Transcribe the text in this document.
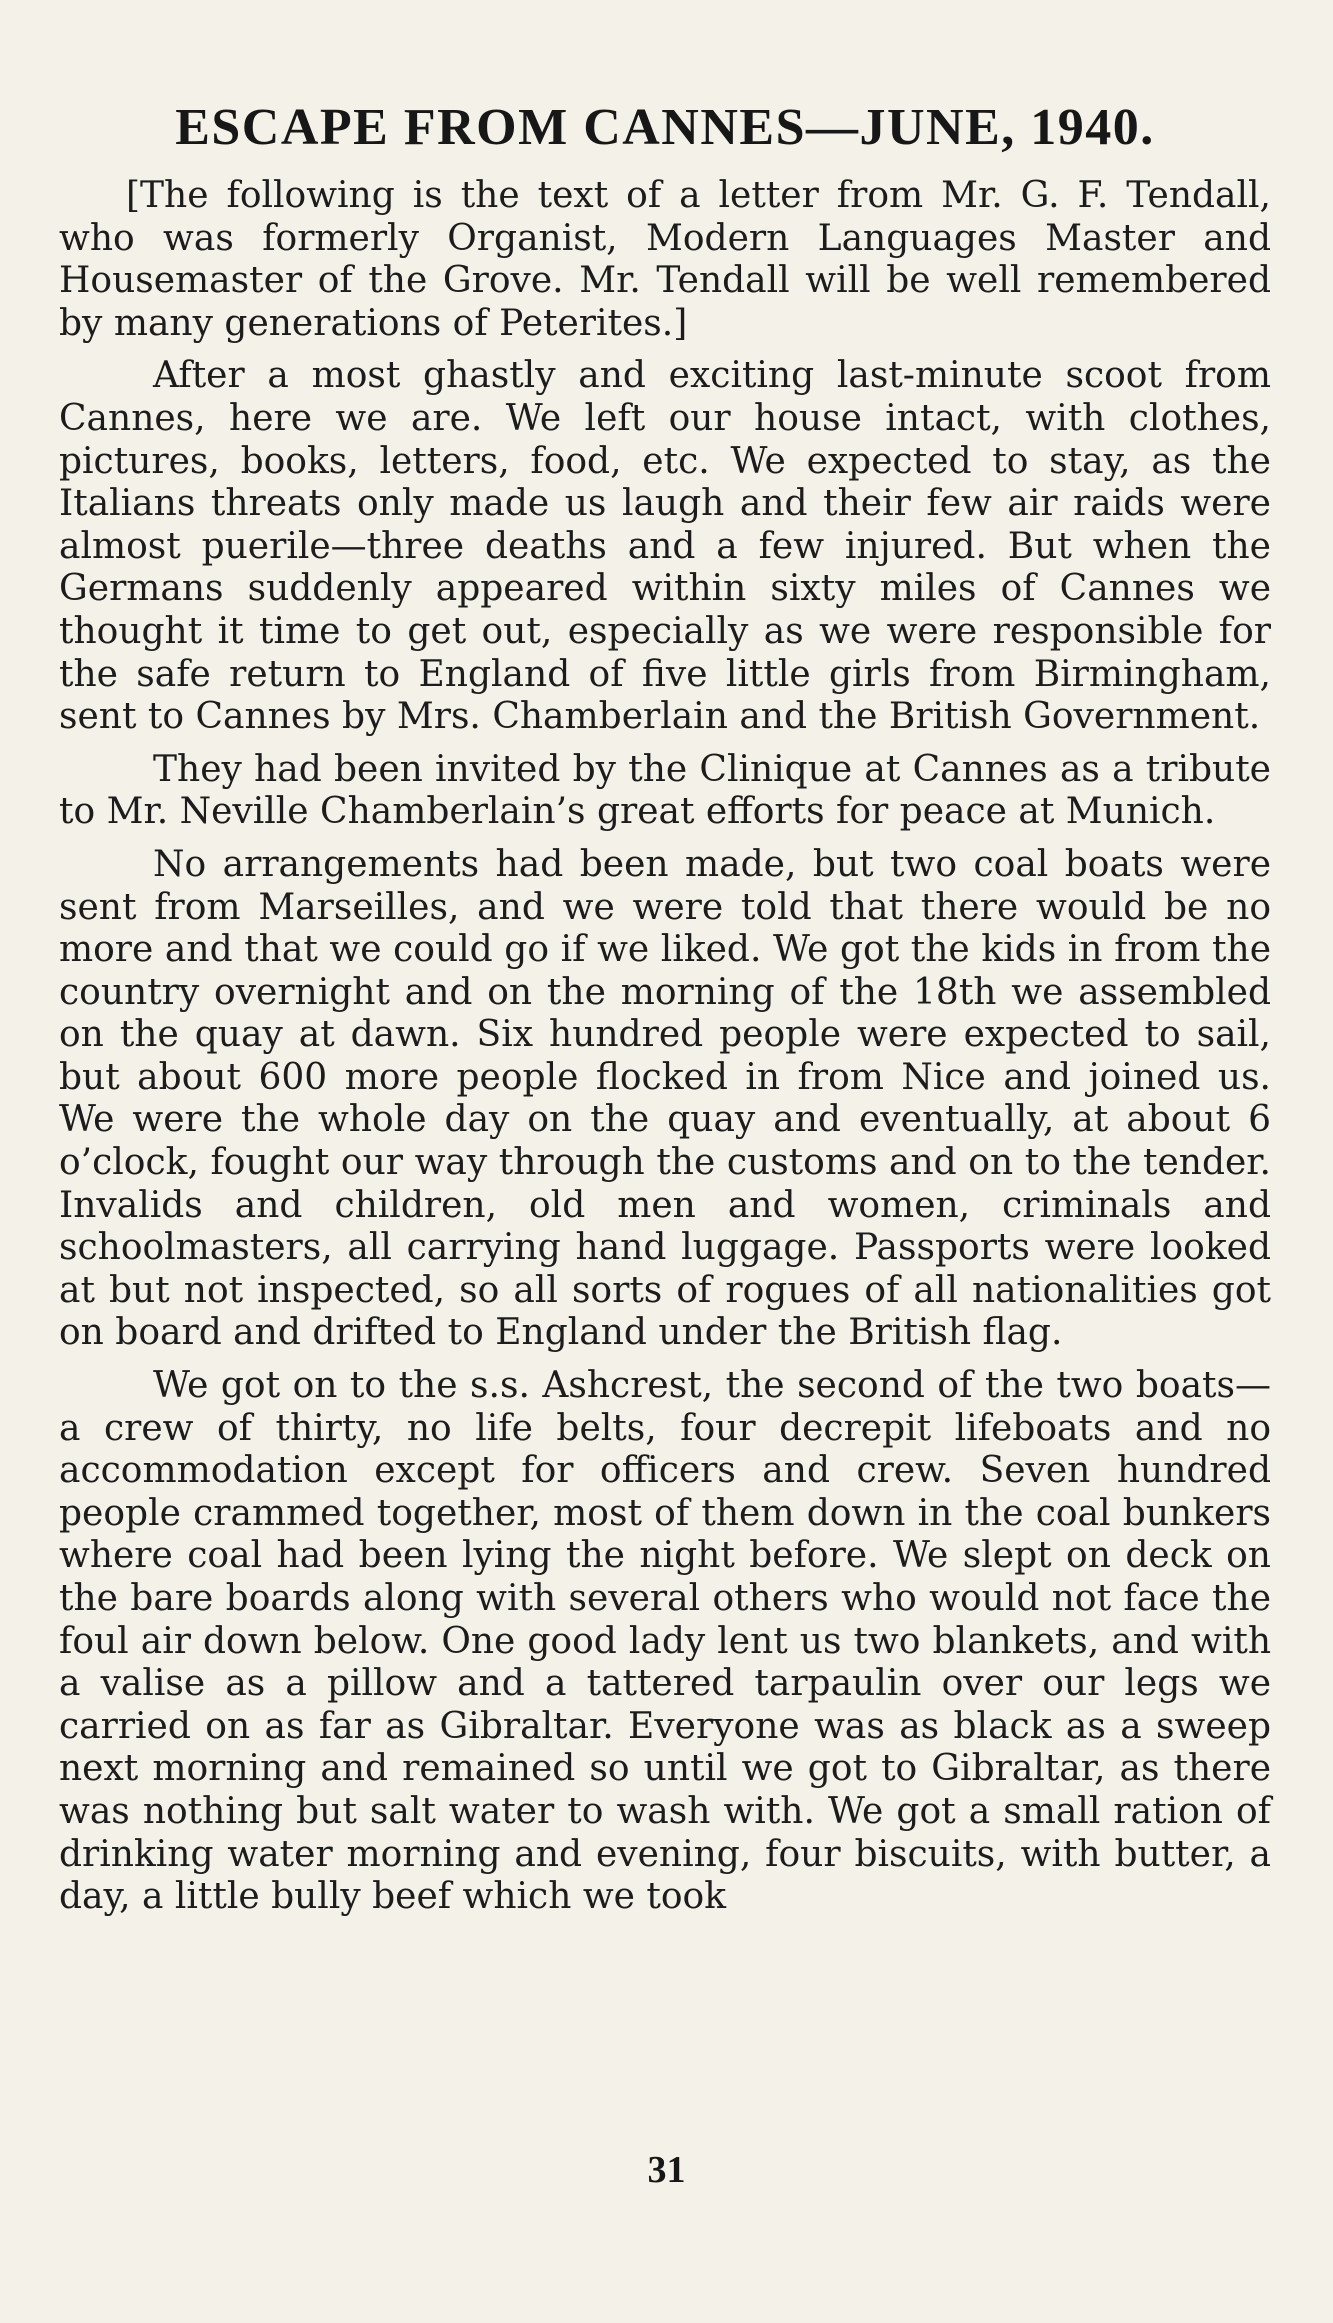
ESCAPE FROM CANNES—JUNE, 1940.

[The following is the text of a letter from Mr. G. F. Tendall, who was formerly Organist, Modern Languages Master and Housemaster of the Grove. Mr. Tendall will be well remembered by many generations of Peterites.]

After a most ghastly and exciting last-minute scoot from Cannes, here we are. We left our house intact, with clothes, pictures, books, letters, food, etc. We expected to stay, as the Italians threats only made us laugh and their few air raids were almost puerile—three deaths and a few injured. But when the Germans suddenly appeared within sixty miles of Cannes we thought it time to get out, especially as we were responsible for the safe return to England of five little girls from Birmingham, sent to Cannes by Mrs. Chamberlain and the British Government.

They had been invited by the Clinique at Cannes as a tribute to Mr. Neville Chamberlain’s great efforts for peace at Munich.

No arrangements had been made, but two coal boats were sent from Marseilles, and we were told that there would be no more and that we could go if we liked. We got the kids in from the country overnight and on the morning of the 18th we assembled on the quay at dawn. Six hundred people were expected to sail, but about 600 more people flocked in from Nice and joined us. We were the whole day on the quay and eventually, at about 6 o’clock, fought our way through the customs and on to the tender. Invalids and children, old men and women, criminals and schoolmasters, all carrying hand luggage. Passports were looked at but not inspected, so all sorts of rogues of all nationalities got on board and drifted to England under the British flag.

We got on to the s.s. Ashcrest, the second of the two boats—a crew of thirty, no life belts, four decrepit lifeboats and no accommodation except for officers and crew. Seven hundred people crammed together, most of them down in the coal bunkers where coal had been lying the night before. We slept on deck on the bare boards along with several others who would not face the foul air down below. One good lady lent us two blankets, and with a valise as a pillow and a tattered tarpaulin over our legs we carried on as far as Gibraltar. Everyone was as black as a sweep next morning and remained so until we got to Gibraltar, as there was nothing but salt water to wash with. We got a small ration of drinking water morning and evening, four biscuits, with butter, a day, a little bully beef which we took

31
